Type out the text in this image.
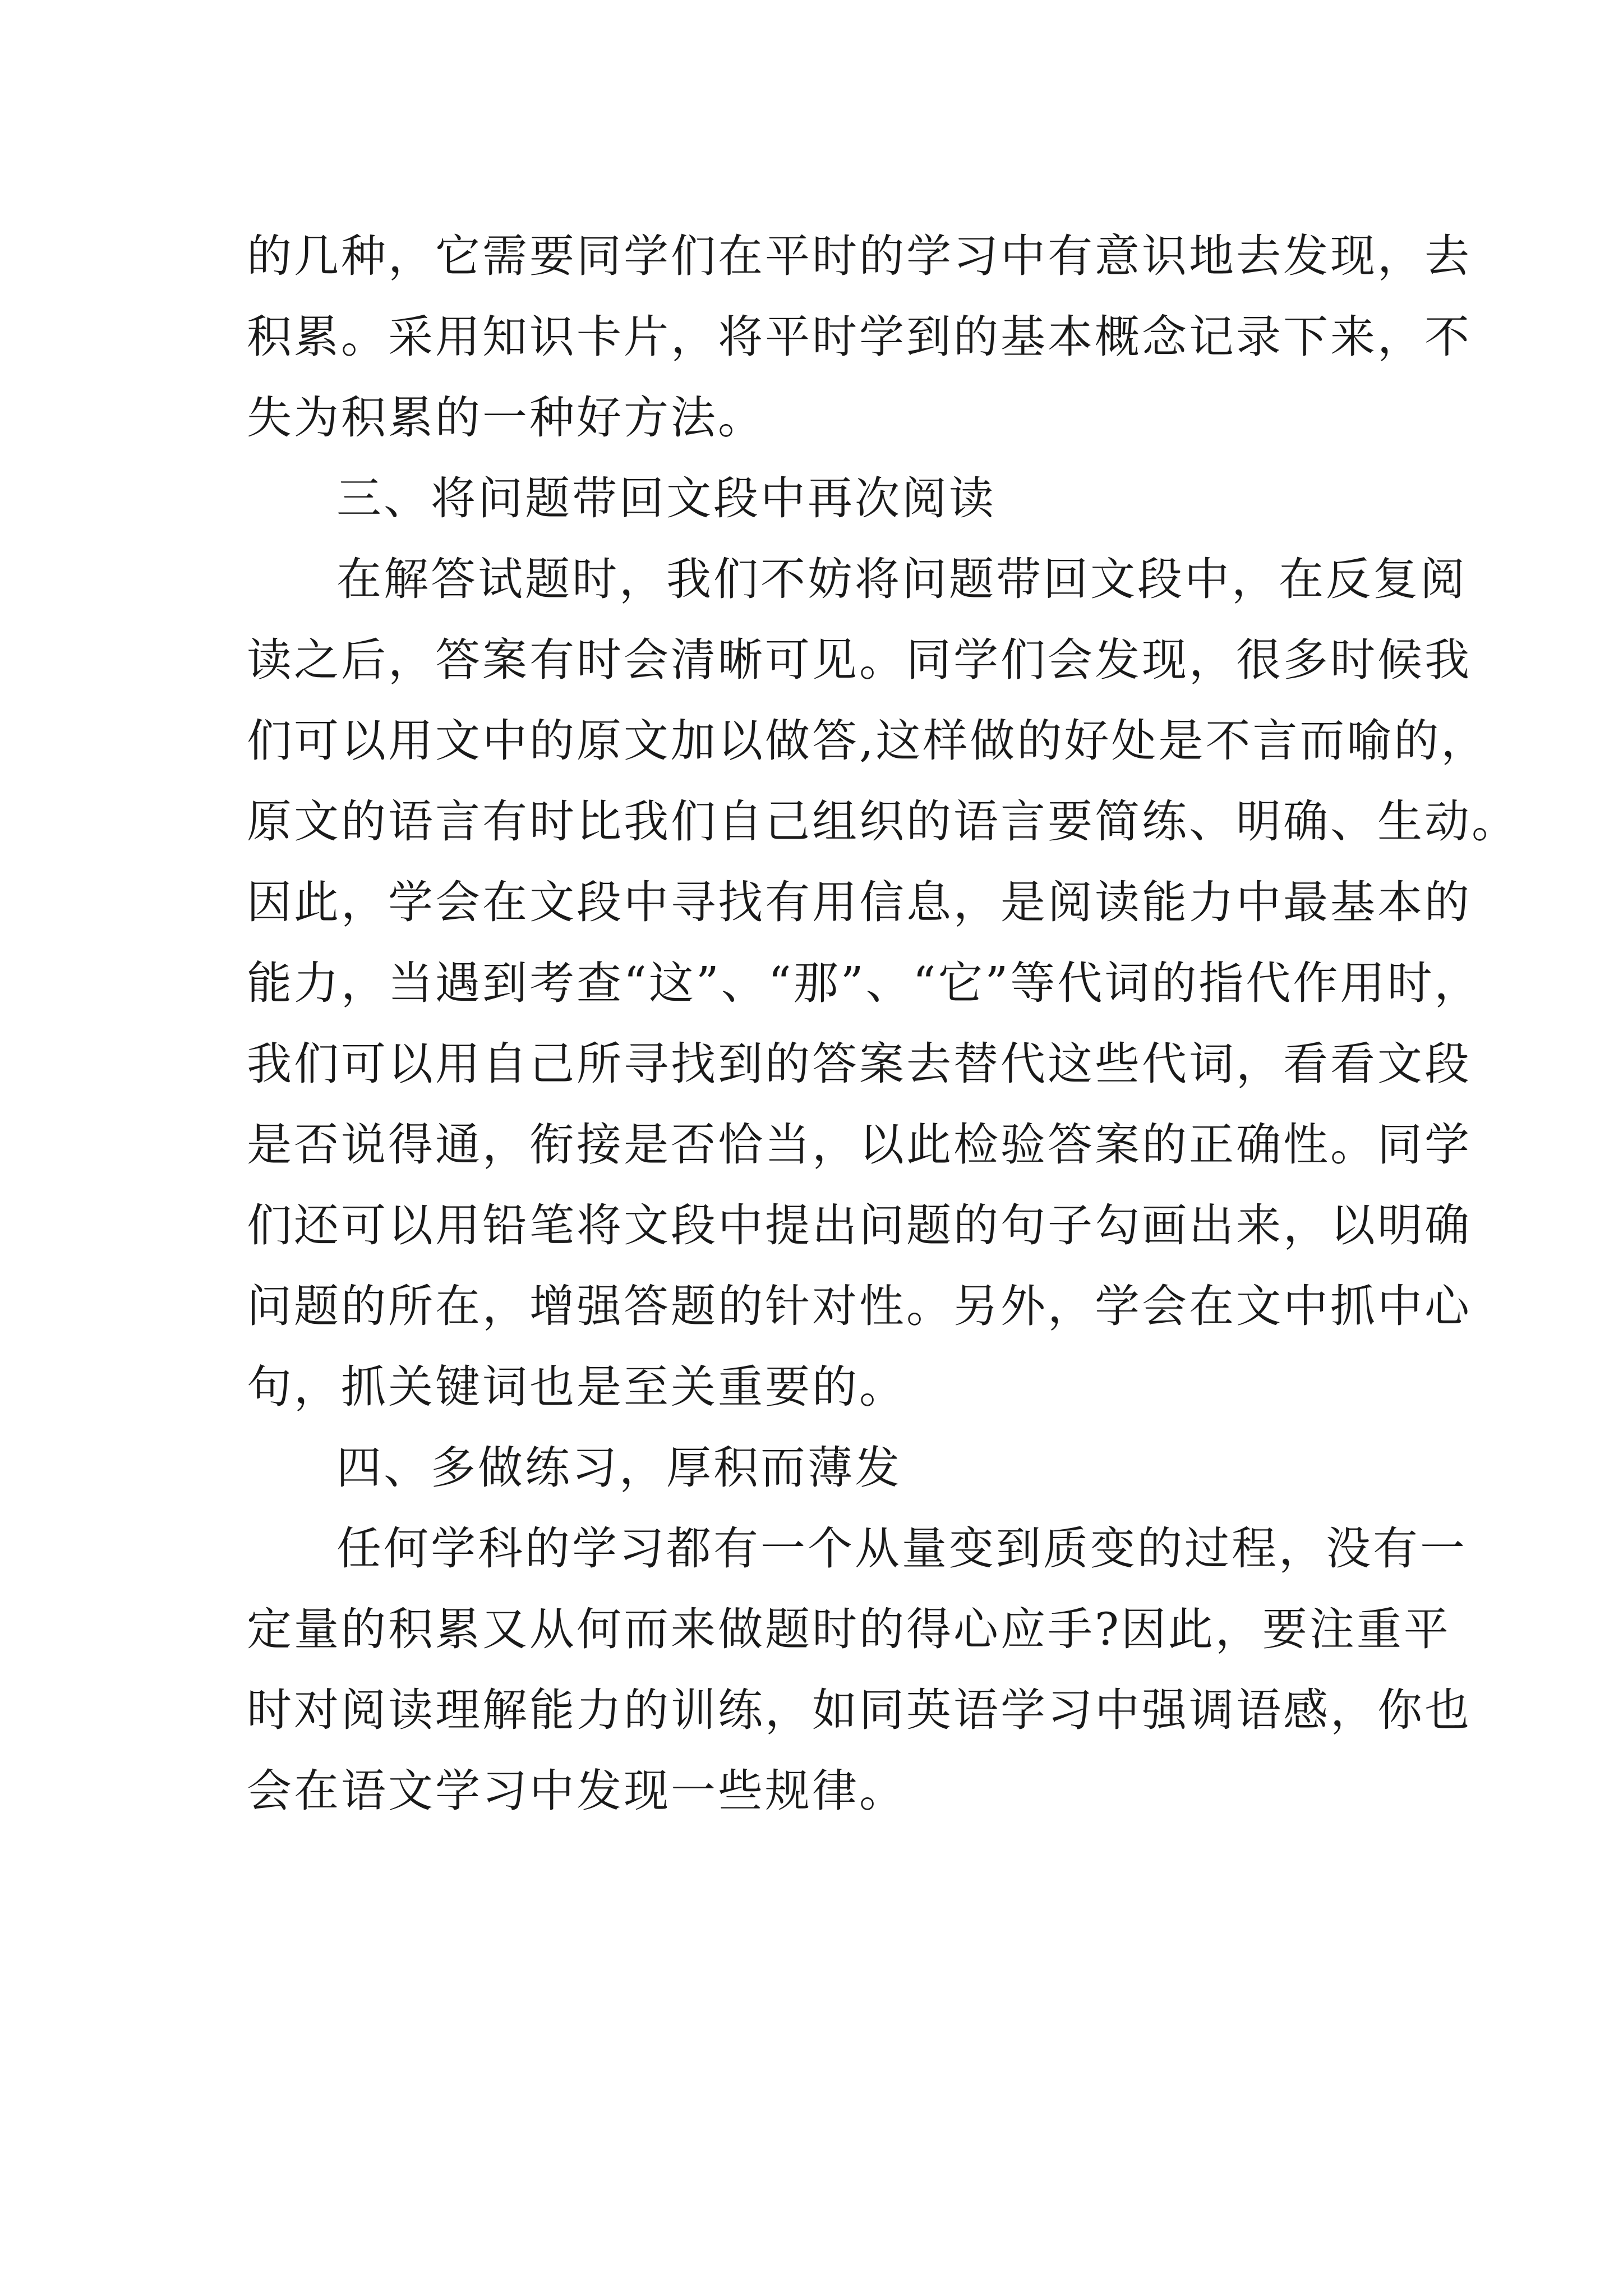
的几种，它需要同学们在平时的学习中有意识地去发现，去
积累。采用知识卡片，将平时学到的基本概念记录下来，不
失为积累的一种好方法。
三、将问题带回文段中再次阅读
在解答试题时，我们不妨将问题带回文段中，在反复阅
读之后，答案有时会清晰可见。同学们会发现，很多时候我
们可以用文中的原文加以做答,这样做的好处是不言而喻的，
原文的语言有时比我们自己组织的语言要简练、明确、生动。
因此，学会在文段中寻找有用信息，是阅读能力中最基本的
能力，当遇到考查“这”、“那”、“它”等代词的指代作用时，
我们可以用自己所寻找到的答案去替代这些代词，看看文段
是否说得通，衔接是否恰当，以此检验答案的正确性。同学
们还可以用铅笔将文段中提出问题的句子勾画出来，以明确
问题的所在，增强答题的针对性。另外，学会在文中抓中心
句，抓关键词也是至关重要的。
四、多做练习，厚积而薄发
任何学科的学习都有一个从量变到质变的过程，没有一
定量的积累又从何而来做题时的得心应手?因此，要注重平
时对阅读理解能力的训练，如同英语学习中强调语感，你也
会在语文学习中发现一些规律。
